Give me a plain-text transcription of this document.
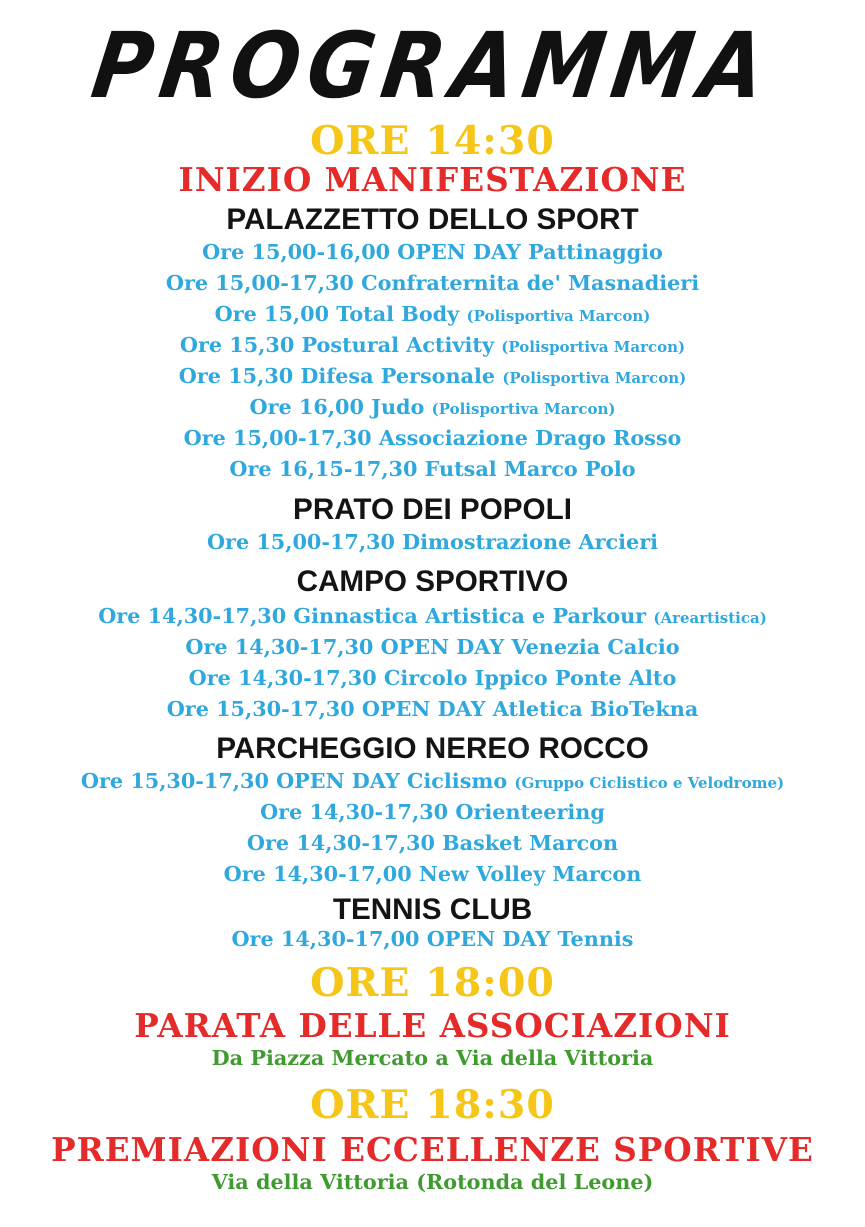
PROGRAMMA
ORE 14:30
INIZIO MANIFESTAZIONE
PALAZZETTO DELLO SPORT
Ore 15,00-16,00 OPEN DAY Pattinaggio
Ore 15,00-17,30 Confraternita de' Masnadieri
Ore 15,00 Total Body (Polisportiva Marcon)
Ore 15,30 Postural Activity (Polisportiva Marcon)
Ore 15,30 Difesa Personale (Polisportiva Marcon)
Ore 16,00 Judo (Polisportiva Marcon)
Ore 15,00-17,30 Associazione Drago Rosso
Ore 16,15-17,30 Futsal Marco Polo
PRATO DEI POPOLI
Ore 15,00-17,30 Dimostrazione Arcieri
CAMPO SPORTIVO
Ore 14,30-17,30 Ginnastica Artistica e Parkour (Areartistica)
Ore 14,30-17,30 OPEN DAY Venezia Calcio
Ore 14,30-17,30 Circolo Ippico Ponte Alto
Ore 15,30-17,30 OPEN DAY Atletica BioTekna
PARCHEGGIO NEREO ROCCO
Ore 15,30-17,30 OPEN DAY Ciclismo (Gruppo Ciclistico e Velodrome)
Ore 14,30-17,30 Orienteering
Ore 14,30-17,30 Basket Marcon
Ore 14,30-17,00 New Volley Marcon
TENNIS CLUB
Ore 14,30-17,00 OPEN DAY Tennis
ORE 18:00
PARATA DELLE ASSOCIAZIONI
Da Piazza Mercato a Via della Vittoria
ORE 18:30
PREMIAZIONI ECCELLENZE SPORTIVE
Via della Vittoria (Rotonda del Leone)
